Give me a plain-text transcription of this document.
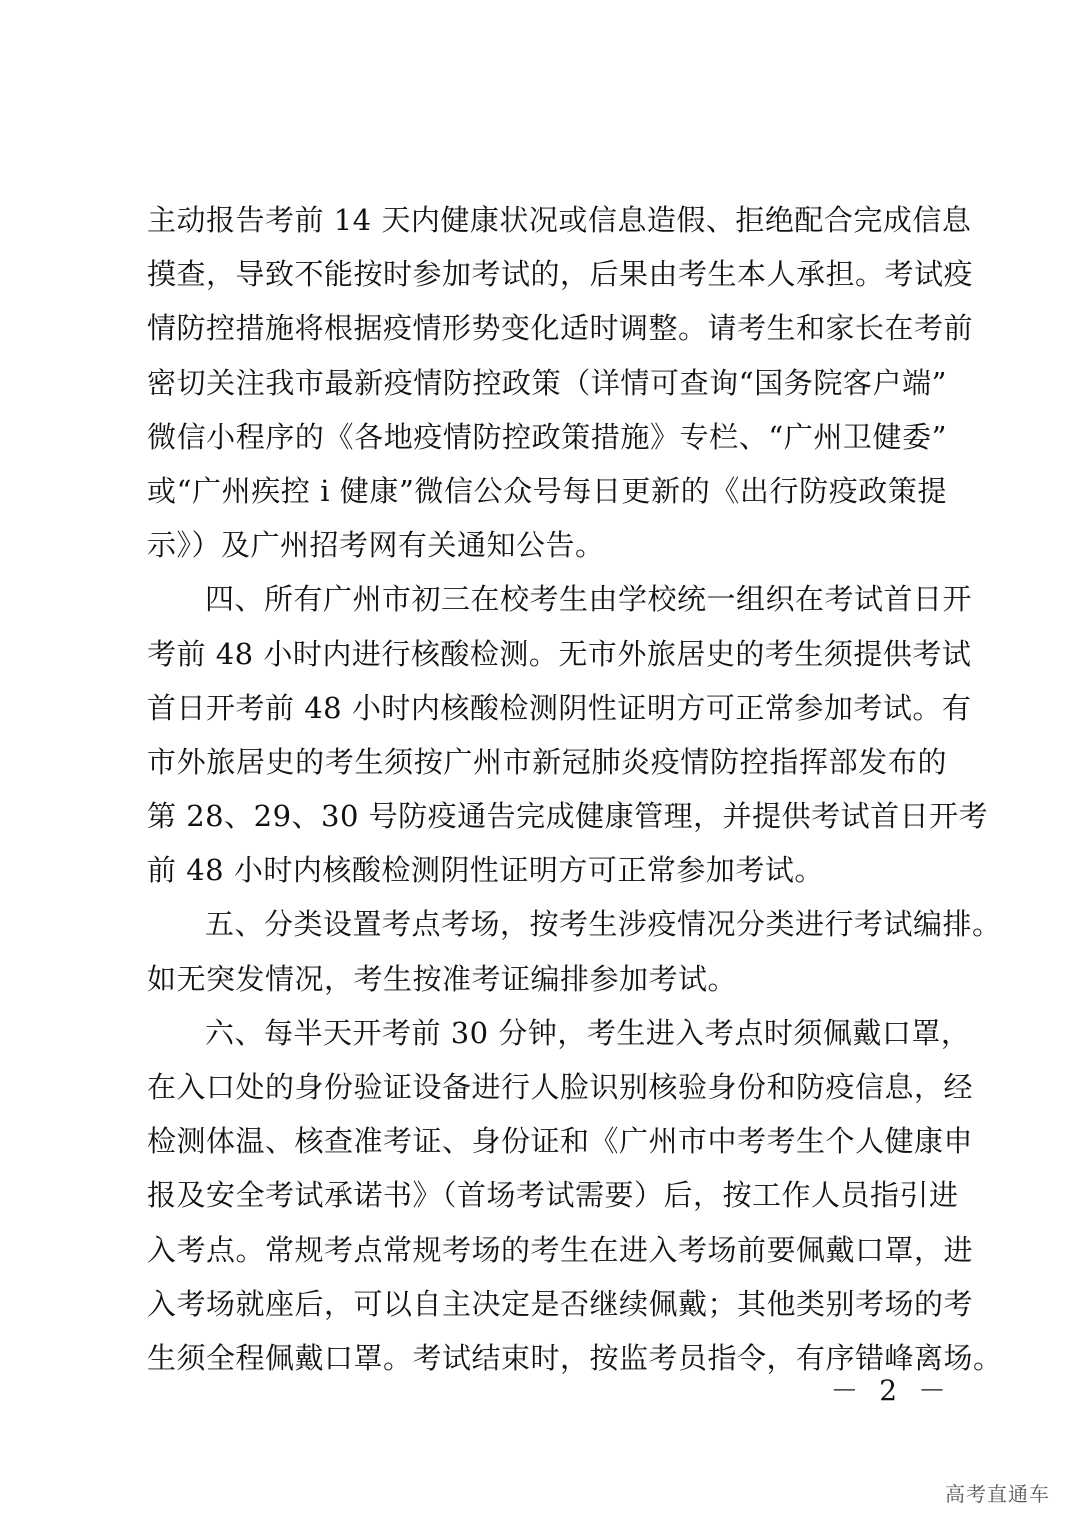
主动报告考前 14 天内健康状况或信息造假、拒绝配合完成信息
摸查，导致不能按时参加考试的，后果由考生本人承担。考试疫
情防控措施将根据疫情形势变化适时调整。请考生和家长在考前
密切关注我市最新疫情防控政策（详情可查询“国务院客户端”
微信小程序的《各地疫情防控政策措施》专栏、“广州卫健委”
或“广州疾控 i 健康”微信公众号每日更新的《出行防疫政策提
示》）及广州招考网有关通知公告。
四、所有广州市初三在校考生由学校统一组织在考试首日开
考前 48 小时内进行核酸检测。无市外旅居史的考生须提供考试
首日开考前 48 小时内核酸检测阴性证明方可正常参加考试。有
市外旅居史的考生须按广州市新冠肺炎疫情防控指挥部发布的
第 28、29、30 号防疫通告完成健康管理，并提供考试首日开考
前 48 小时内核酸检测阴性证明方可正常参加考试。
五、分类设置考点考场，按考生涉疫情况分类进行考试编排。
如无突发情况，考生按准考证编排参加考试。
六、每半天开考前 30 分钟，考生进入考点时须佩戴口罩，
在入口处的身份验证设备进行人脸识别核验身份和防疫信息，经
检测体温、核查准考证、身份证和《广州市中考考生个人健康申
报及安全考试承诺书》（首场考试需要）后，按工作人员指引进
入考点。常规考点常规考场的考生在进入考场前要佩戴口罩，进
入考场就座后，可以自主决定是否继续佩戴；其他类别考场的考
生须全程佩戴口罩。考试结束时，按监考员指令，有序错峰离场。
－ 2 －
高考直通车
